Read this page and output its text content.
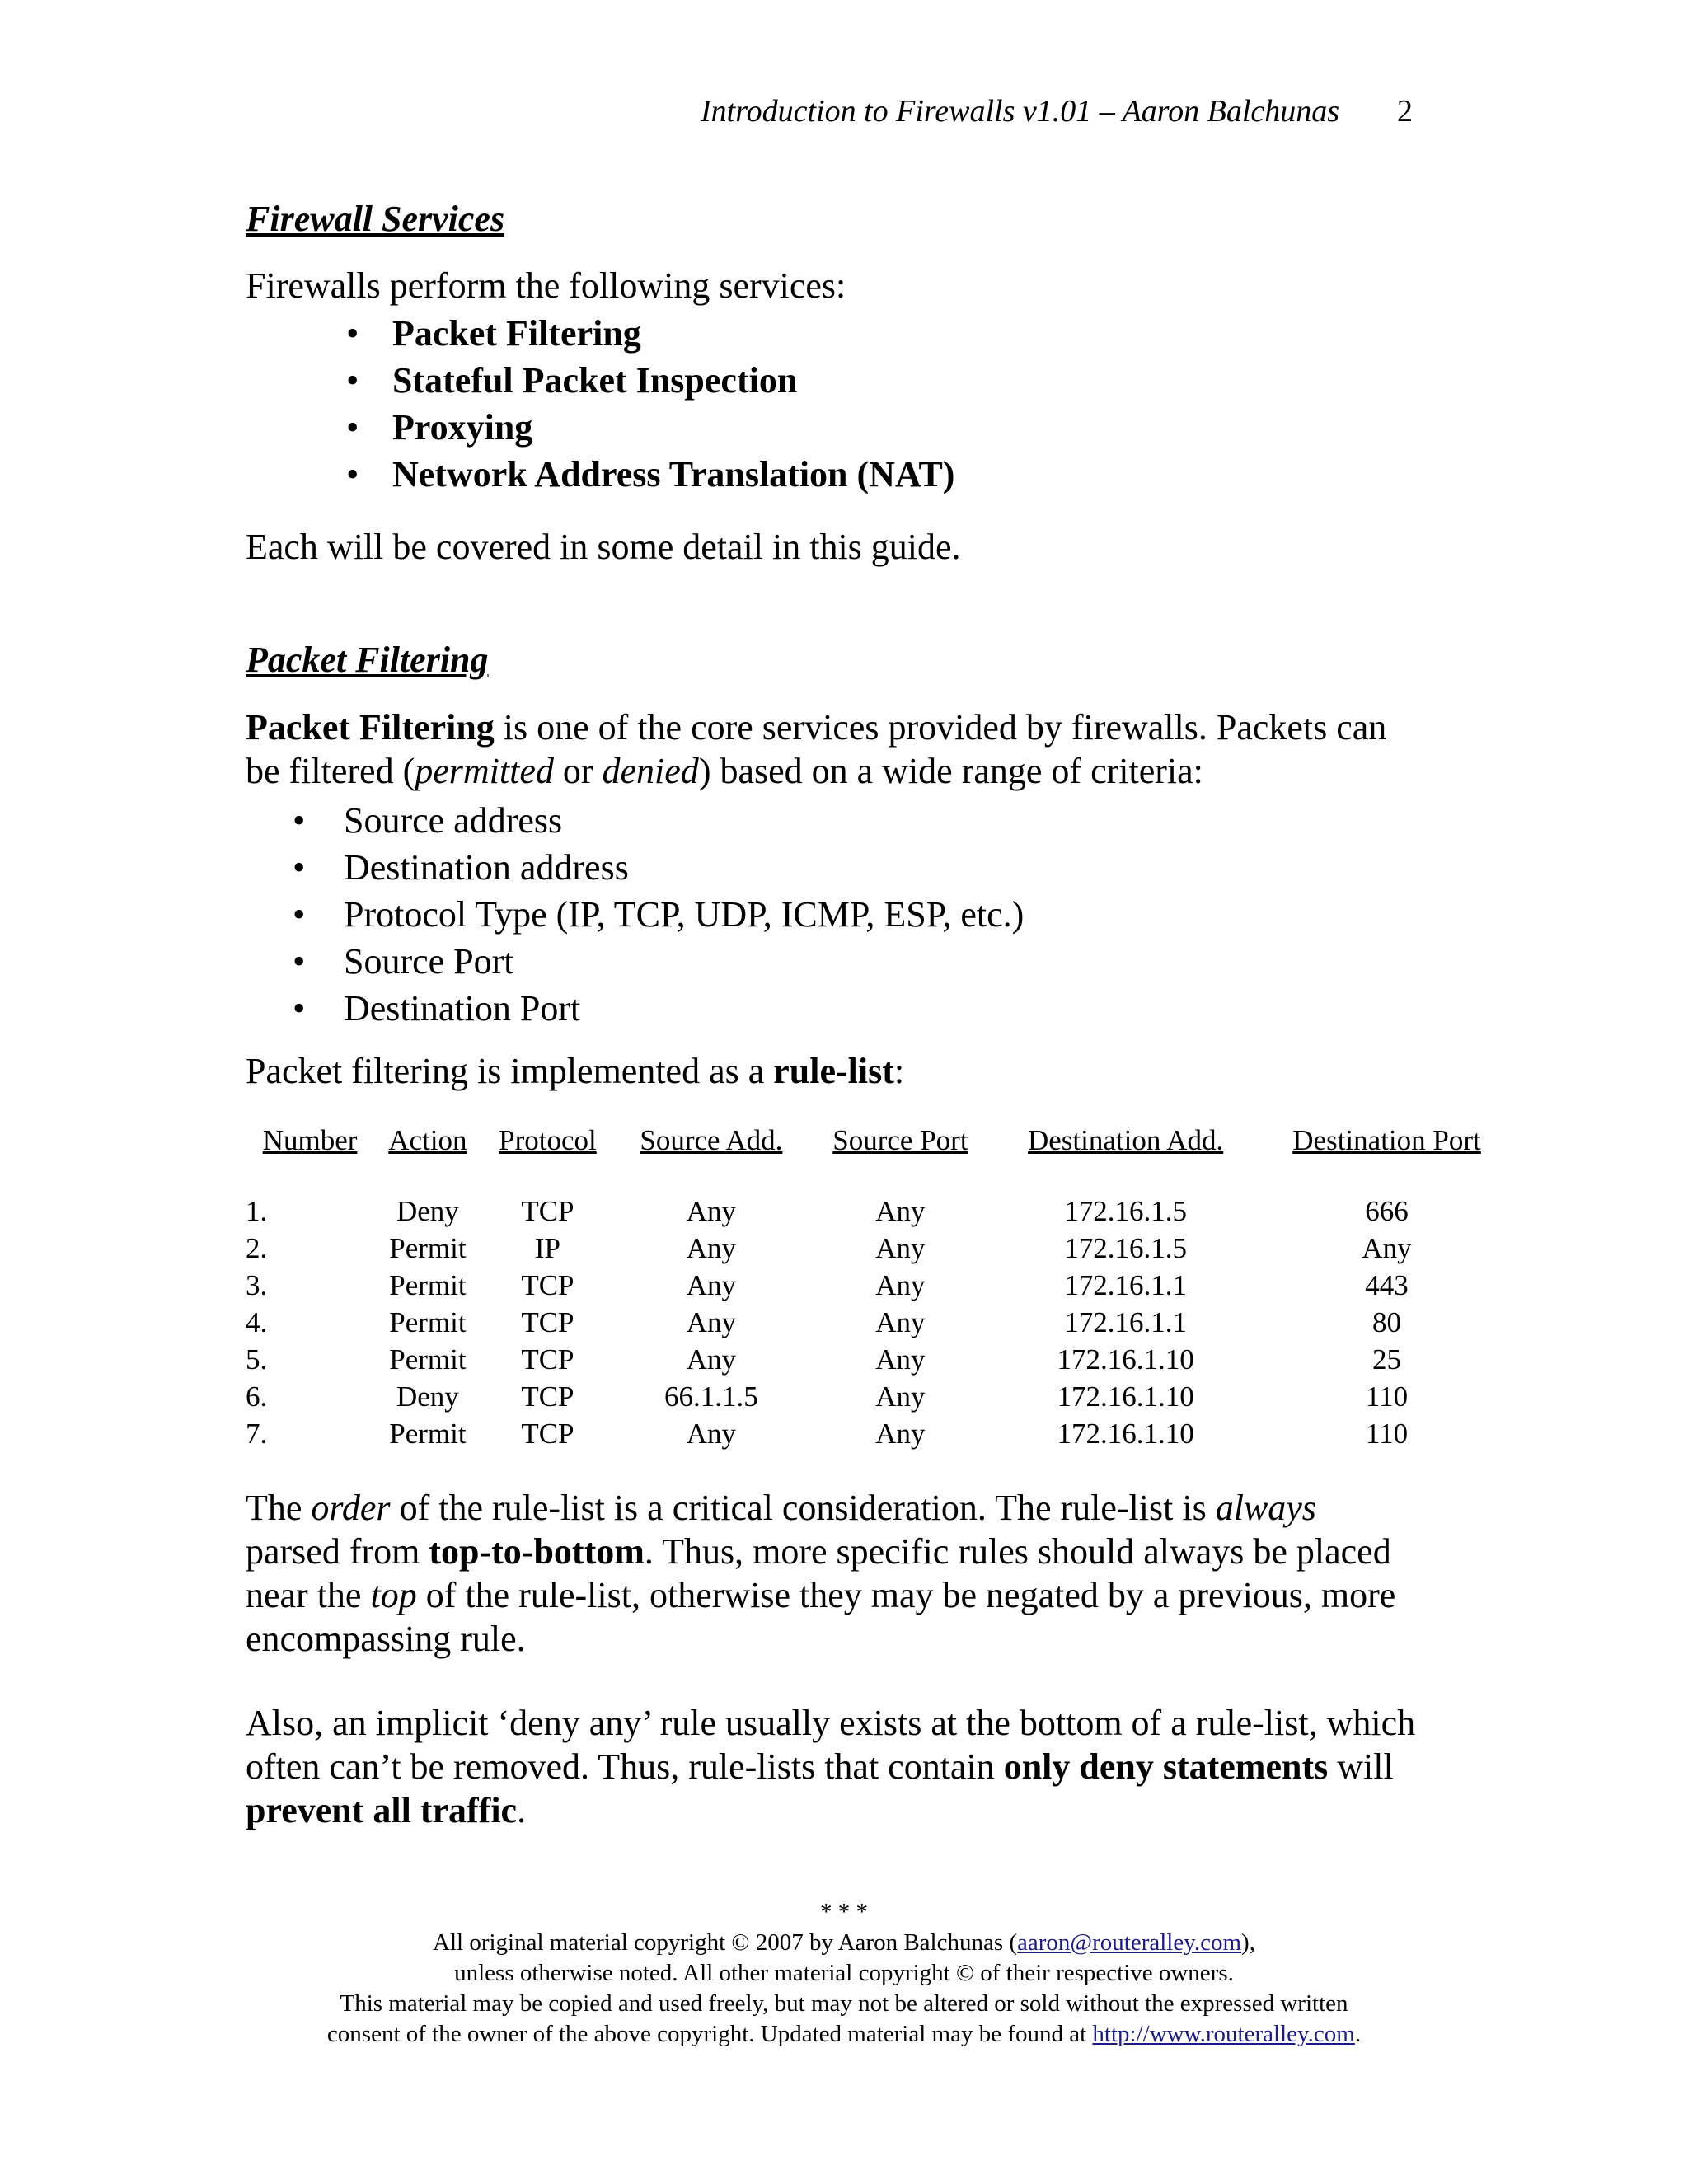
Introduction to Firewalls v1.01 – Aaron Balchunas 2
Firewall Services
Firewalls perform the following services:
• Packet Filtering
• Stateful Packet Inspection
• Proxying
• Network Address Translation (NAT)
Each will be covered in some detail in this guide.
Packet Filtering
Packet Filtering is one of the core services provided by firewalls. Packets can be filtered (permitted or denied) based on a wide range of criteria:
• Source address
• Destination address
• Protocol Type (IP, TCP, UDP, ICMP, ESP, etc.)
• Source Port
• Destination Port
Packet filtering is implemented as a rule-list:
Number	Action	Protocol	Source Add.	Source Port	Destination Add.	Destination Port
1.	Deny	TCP	Any	Any	172.16.1.5	666
2.	Permit	IP	Any	Any	172.16.1.5	Any
3.	Permit	TCP	Any	Any	172.16.1.1	443
4.	Permit	TCP	Any	Any	172.16.1.1	80
5.	Permit	TCP	Any	Any	172.16.1.10	25
6.	Deny	TCP	66.1.1.5	Any	172.16.1.10	110
7.	Permit	TCP	Any	Any	172.16.1.10	110
The order of the rule-list is a critical consideration. The rule-list is always parsed from top-to-bottom. Thus, more specific rules should always be placed near the top of the rule-list, otherwise they may be negated by a previous, more encompassing rule.
Also, an implicit ‘deny any’ rule usually exists at the bottom of a rule-list, which often can’t be removed. Thus, rule-lists that contain only deny statements will prevent all traffic.
* * *
All original material copyright © 2007 by Aaron Balchunas (aaron@routeralley.com),
unless otherwise noted. All other material copyright © of their respective owners.
This material may be copied and used freely, but may not be altered or sold without the expressed written
consent of the owner of the above copyright. Updated material may be found at http://www.routeralley.com.
